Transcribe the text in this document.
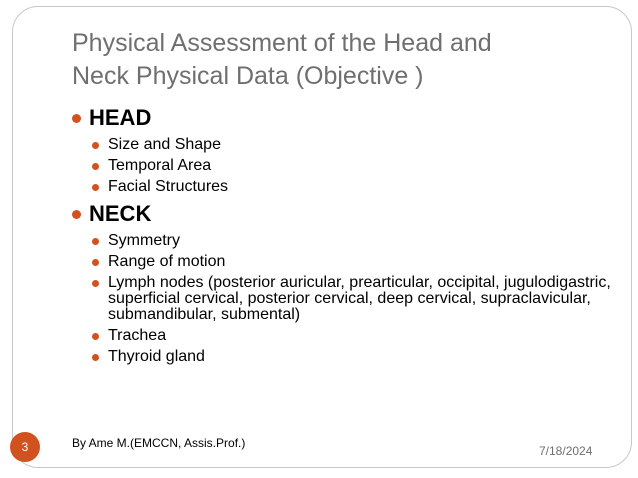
Physical Assessment of the Head and
Neck Physical Data (Objective )
HEAD
Size and Shape
Temporal Area
Facial Structures
NECK
Symmetry
Range of motion
Lymph nodes (posterior auricular, prearticular, occipital, jugulodigastric, superficial cervical, posterior cervical, deep cervical, supraclavicular, submandibular, submental)
Trachea
Thyroid gland
3	By Ame M.(EMCCN, Assis.Prof.)
7/18/2024
